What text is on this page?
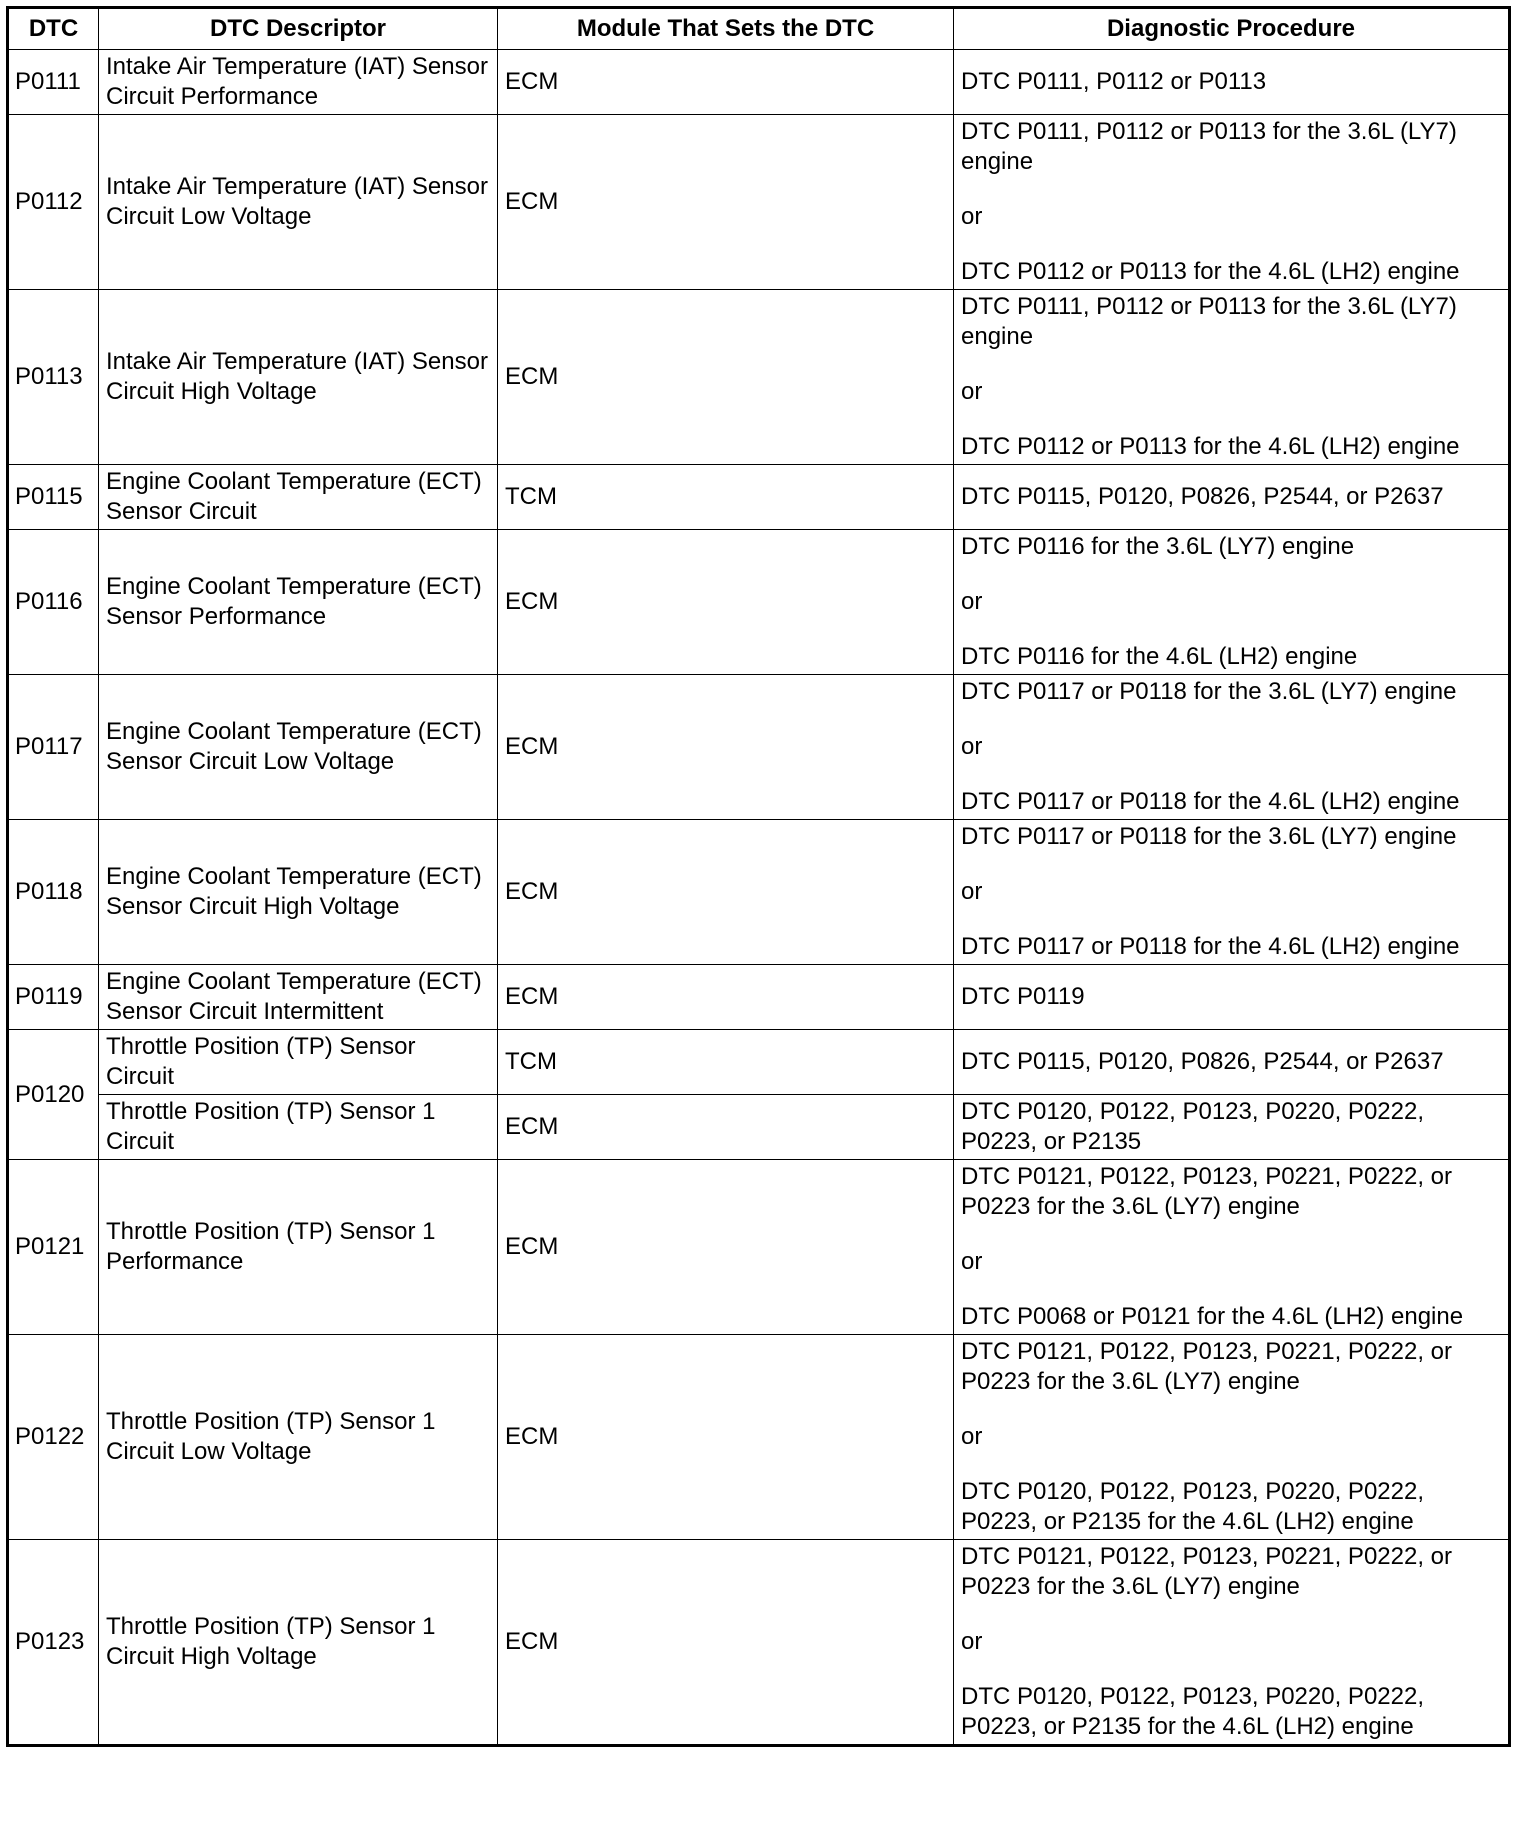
DTC	DTC Descriptor	Module That Sets the DTC	Diagnostic Procedure
P0111	Intake Air Temperature (IAT) Sensor Circuit Performance	ECM	DTC P0111, P0112 or P0113

P0112	Intake Air Temperature (IAT) Sensor Circuit Low Voltage	ECM	DTC P0111, P0112 or P0113 for the 3.6L (LY7) engine
or
DTC P0112 or P0113 for the 4.6L (LH2) engine

P0113	Intake Air Temperature (IAT) Sensor Circuit High Voltage	ECM	DTC P0111, P0112 or P0113 for the 3.6L (LY7) engine
or
DTC P0112 or P0113 for the 4.6L (LH2) engine

P0115	Engine Coolant Temperature (ECT) Sensor Circuit	TCM	DTC P0115, P0120, P0826, P2544, or P2637

P0116	Engine Coolant Temperature (ECT) Sensor Performance	ECM	DTC P0116 for the 3.6L (LY7) engine
or
DTC P0116 for the 4.6L (LH2) engine

P0117	Engine Coolant Temperature (ECT) Sensor Circuit Low Voltage	ECM	DTC P0117 or P0118 for the 3.6L (LY7) engine
or
DTC P0117 or P0118 for the 4.6L (LH2) engine

P0118	Engine Coolant Temperature (ECT) Sensor Circuit High Voltage	ECM	DTC P0117 or P0118 for the 3.6L (LY7) engine
or
DTC P0117 or P0118 for the 4.6L (LH2) engine

P0119	Engine Coolant Temperature (ECT) Sensor Circuit Intermittent	ECM	DTC P0119

P0120	Throttle Position (TP) Sensor Circuit	TCM	DTC P0115, P0120, P0826, P2544, or P2637

	Throttle Position (TP) Sensor 1 Circuit	ECM	DTC P0120, P0122, P0123, P0220, P0222, P0223, or P2135

P0121	Throttle Position (TP) Sensor 1 Performance	ECM	DTC P0121, P0122, P0123, P0221, P0222, or P0223 for the 3.6L (LY7) engine
or
DTC P0068 or P0121 for the 4.6L (LH2) engine

P0122	Throttle Position (TP) Sensor 1 Circuit Low Voltage	ECM	DTC P0121, P0122, P0123, P0221, P0222, or P0223 for the 3.6L (LY7) engine
or
DTC P0120, P0122, P0123, P0220, P0222, P0223, or P2135 for the 4.6L (LH2) engine

P0123	Throttle Position (TP) Sensor 1 Circuit High Voltage	ECM	DTC P0121, P0122, P0123, P0221, P0222, or P0223 for the 3.6L (LY7) engine
or
DTC P0120, P0122, P0123, P0220, P0222, P0223, or P2135 for the 4.6L (LH2) engine
